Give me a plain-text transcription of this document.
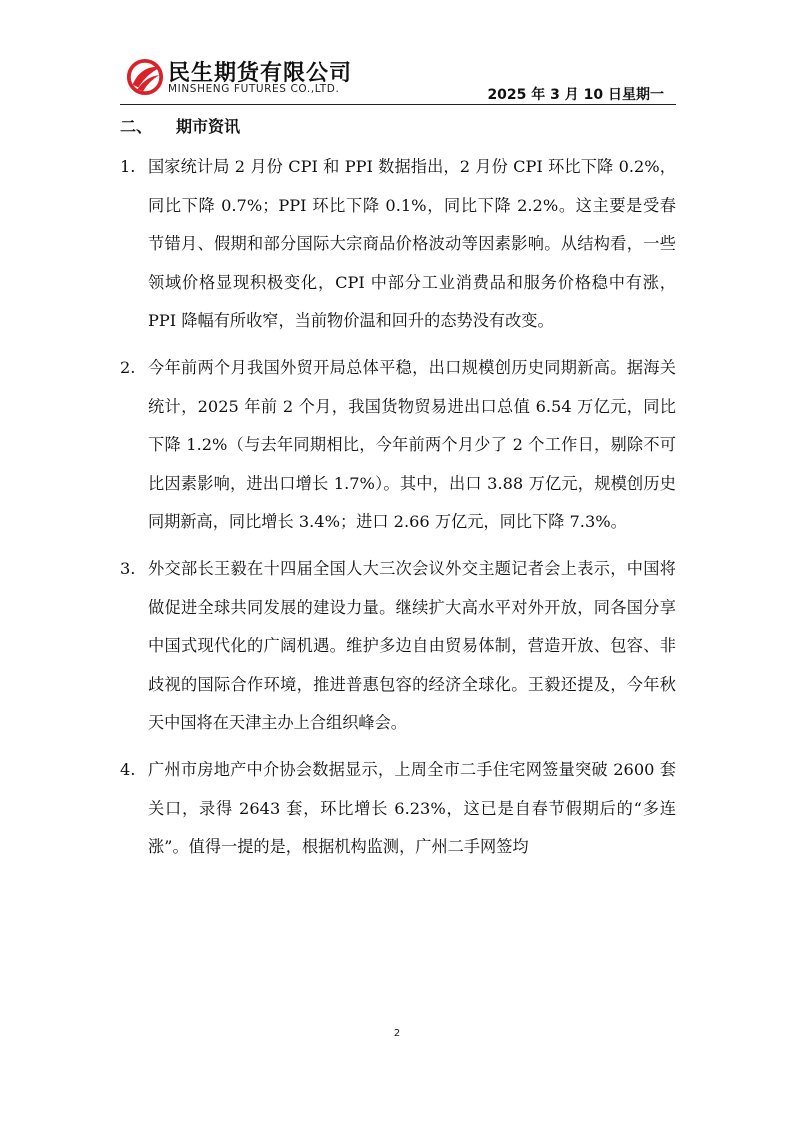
民生期货有限公司
MINSHENG FUTURES CO.,LTD.	2025 年 3 月 10 日星期一
二、 期市资讯
1. 国家统计局 2 月份 CPI 和 PPI 数据指出，2 月份 CPI 环比下降 0.2%，同比下降 0.7%；PPI 环比下降 0.1%，同比下降 2.2%。这主要是受春节错月、假期和部分国际大宗商品价格波动等因素影响。从结构看，一些领域价格显现积极变化，CPI 中部分工业消费品和服务价格稳中有涨，PPI 降幅有所收窄，当前物价温和回升的态势没有改变。
2. 今年前两个月我国外贸开局总体平稳，出口规模创历史同期新高。据海关统计，2025 年前 2 个月，我国货物贸易进出口总值 6.54 万亿元，同比下降 1.2%（与去年同期相比，今年前两个月少了 2 个工作日，剔除不可比因素影响，进出口增长 1.7%）。其中，出口 3.88 万亿元，规模创历史同期新高，同比增长 3.4%；进口 2.66 万亿元，同比下降 7.3%。
3. 外交部长王毅在十四届全国人大三次会议外交主题记者会上表示，中国将做促进全球共同发展的建设力量。继续扩大高水平对外开放，同各国分享中国式现代化的广阔机遇。维护多边自由贸易体制，营造开放、包容、非歧视的国际合作环境，推进普惠包容的经济全球化。王毅还提及，今年秋天中国将在天津主办上合组织峰会。
4. 广州市房地产中介协会数据显示，上周全市二手住宅网签量突破 2600 套关口，录得 2643 套，环比增长 6.23%，这已是自春节假期后的“多连涨”。值得一提的是，根据机构监测，广州二手网签均
2
